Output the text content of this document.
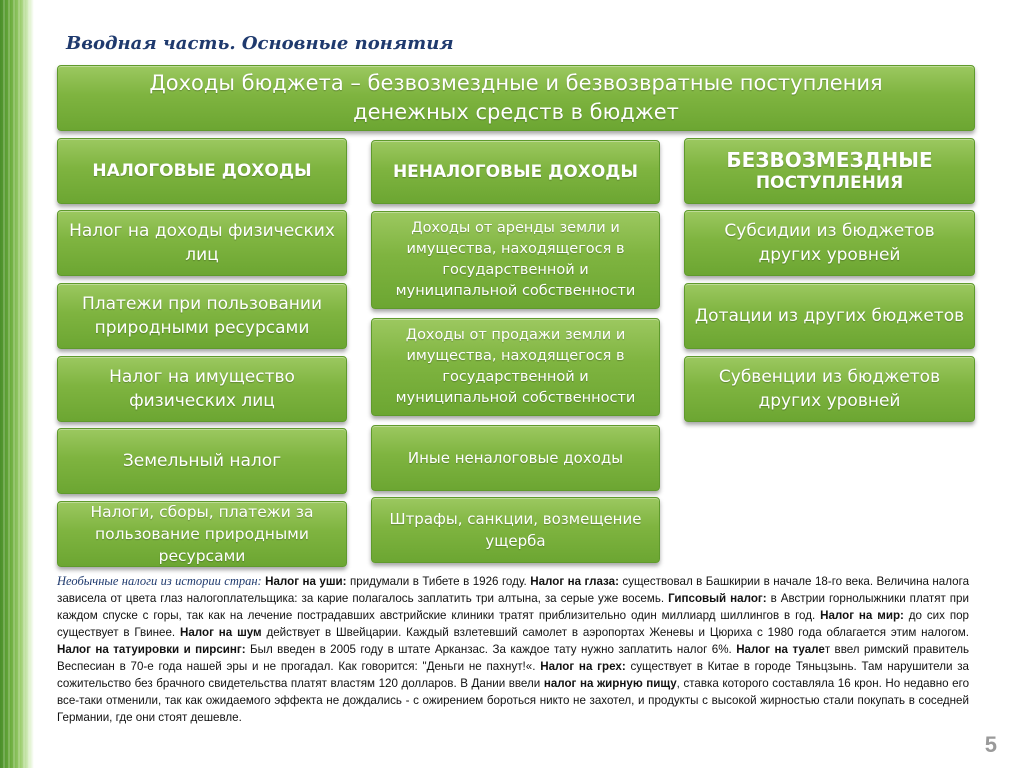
Вводная часть. Основные понятия
Доходы бюджета – безвозмездные и безвозвратные поступления
денежных средств в бюджет
НАЛОГОВЫЕ ДОХОДЫ
Налог на доходы физических лиц
Платежи при пользовании природными ресурсами
Налог на имущество физических лиц
Земельный налог
Налоги, сборы, платежи за пользование природными ресурсами
НЕНАЛОГОВЫЕ ДОХОДЫ
Доходы от аренды земли и имущества, находящегося в государственной и муниципальной собственности
Доходы от продажи земли и имущества, находящегося в государственной и муниципальной собственности
Иные неналоговые доходы
Штрафы, санкции, возмещение ущерба
БЕЗВОЗМЕЗДНЫЕ
ПОСТУПЛЕНИЯ
Субсидии из бюджетов других уровней
Дотации из других бюджетов
Субвенции из бюджетов других уровней
Необычные налоги из истории стран: Налог на уши: придумали в Тибете в 1926 году. Налог на глаза: существовал в Башкирии в начале 18-го века. Величина налога зависела от цвета глаз налогоплательщика: за карие полагалось заплатить три алтына, за серые уже восемь. Гипсовый налог: в Австрии горнолыжники платят при каждом спуске с горы, так как на лечение пострадавших австрийские клиники тратят приблизительно один миллиард шиллингов в год. Налог на мир: до сих пор существует в Гвинее. Налог на шум действует в Швейцарии. Каждый взлетевший самолет в аэропортах Женевы и Цюриха с 1980 года облагается этим налогом. Налог на татуировки и пирсинг: Был введен в 2005 году в штате Арканзас. За каждое тату нужно заплатить налог 6%. Налог на туалет ввел римский правитель Веспесиан в 70-е года нашей эры и не прогадал. Как говорится: "Деньги не пахнут!«. Налог на грех: существует в Китае в городе Тяньцзынь. Там нарушители за сожительство без брачного свидетельства платят властям 120 долларов. В Дании ввели налог на жирную пищу, ставка которого составляла 16 крон. Но недавно его все-таки отменили, так как ожидаемого эффекта не дождались - с ожирением бороться никто не захотел, и продукты с высокой жирностью стали покупать в соседней Германии, где они стоят дешевле.
5
